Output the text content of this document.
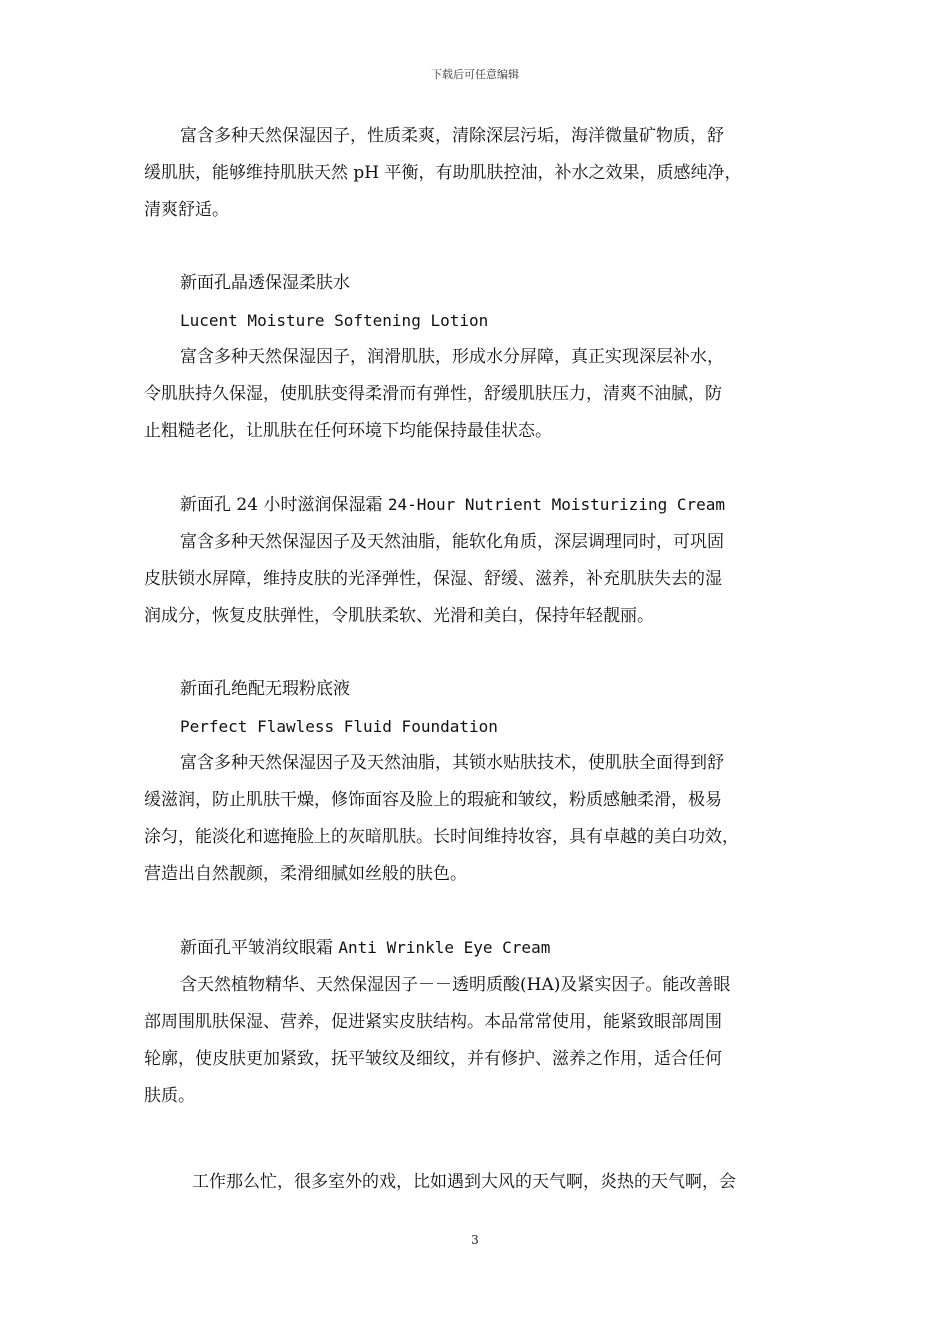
下载后可任意编辑
富含多种天然保湿因子，性质柔爽，清除深层污垢，海洋微量矿物质，舒
缓肌肤，能够维持肌肤天然 pH 平衡，有助肌肤控油，补水之效果，质感纯净，
清爽舒适。
新面孔晶透保湿柔肤水
Lucent Moisture Softening Lotion
富含多种天然保湿因子，润滑肌肤，形成水分屏障，真正实现深层补水，
令肌肤持久保湿，使肌肤变得柔滑而有弹性，舒缓肌肤压力，清爽不油腻，防
止粗糙老化，让肌肤在任何环境下均能保持最佳状态。
新面孔 24 小时滋润保湿霜 24-Hour Nutrient Moisturizing Cream
富含多种天然保湿因子及天然油脂，能软化角质，深层调理同时，可巩固
皮肤锁水屏障，维持皮肤的光泽弹性，保湿、舒缓、滋养，补充肌肤失去的湿
润成分，恢复皮肤弹性，令肌肤柔软、光滑和美白，保持年轻靓丽。
新面孔绝配无瑕粉底液
Perfect Flawless Fluid Foundation
富含多种天然保湿因子及天然油脂，其锁水贴肤技术，使肌肤全面得到舒
缓滋润，防止肌肤干燥，修饰面容及脸上的瑕疵和皱纹，粉质感触柔滑，极易
涂匀，能淡化和遮掩脸上的灰暗肌肤。长时间维持妆容，具有卓越的美白功效，
营造出自然靓颜，柔滑细腻如丝般的肤色。
新面孔平皱消纹眼霜 Anti Wrinkle Eye Cream
含天然植物精华、天然保湿因子－－透明质酸(HA)及紧实因子。能改善眼
部周围肌肤保湿、营养，促进紧实皮肤结构。本品常常使用，能紧致眼部周围
轮廓，使皮肤更加紧致，抚平皱纹及细纹，并有修护、滋养之作用，适合任何
肤质。
工作那么忙，很多室外的戏，比如遇到大风的天气啊，炎热的天气啊，会
3
